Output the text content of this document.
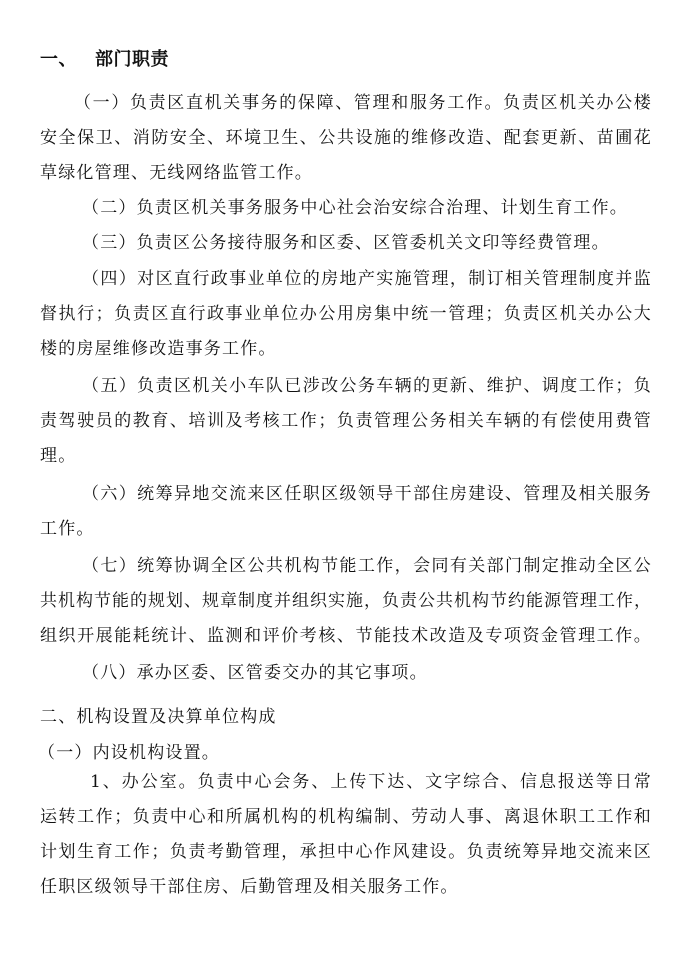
一、 部门职责
（一）负责区直机关事务的保障、管理和服务工作。负责区机关办公楼
安全保卫、消防安全、环境卫生、公共设施的维修改造、配套更新、苗圃花
草绿化管理、无线网络监管工作。
（二）负责区机关事务服务中心社会治安综合治理、计划生育工作。
（三）负责区公务接待服务和区委、区管委机关文印等经费管理。
（四）对区直行政事业单位的房地产实施管理，制订相关管理制度并监
督执行；负责区直行政事业单位办公用房集中统一管理；负责区机关办公大
楼的房屋维修改造事务工作。
（五）负责区机关小车队已涉改公务车辆的更新、维护、调度工作；负
责驾驶员的教育、培训及考核工作；负责管理公务相关车辆的有偿使用费管
理。
（六）统筹异地交流来区任职区级领导干部住房建设、管理及相关服务
工作。
（七）统筹协调全区公共机构节能工作，会同有关部门制定推动全区公
共机构节能的规划、规章制度并组织实施，负责公共机构节约能源管理工作，
组织开展能耗统计、监测和评价考核、节能技术改造及专项资金管理工作。
（八）承办区委、区管委交办的其它事项。
二、机构设置及决算单位构成
（一）内设机构设置。
1、办公室。负责中心会务、上传下达、文字综合、信息报送等日常
运转工作；负责中心和所属机构的机构编制、劳动人事、离退休职工工作和
计划生育工作；负责考勤管理，承担中心作风建设。负责统筹异地交流来区
任职区级领导干部住房、后勤管理及相关服务工作。
